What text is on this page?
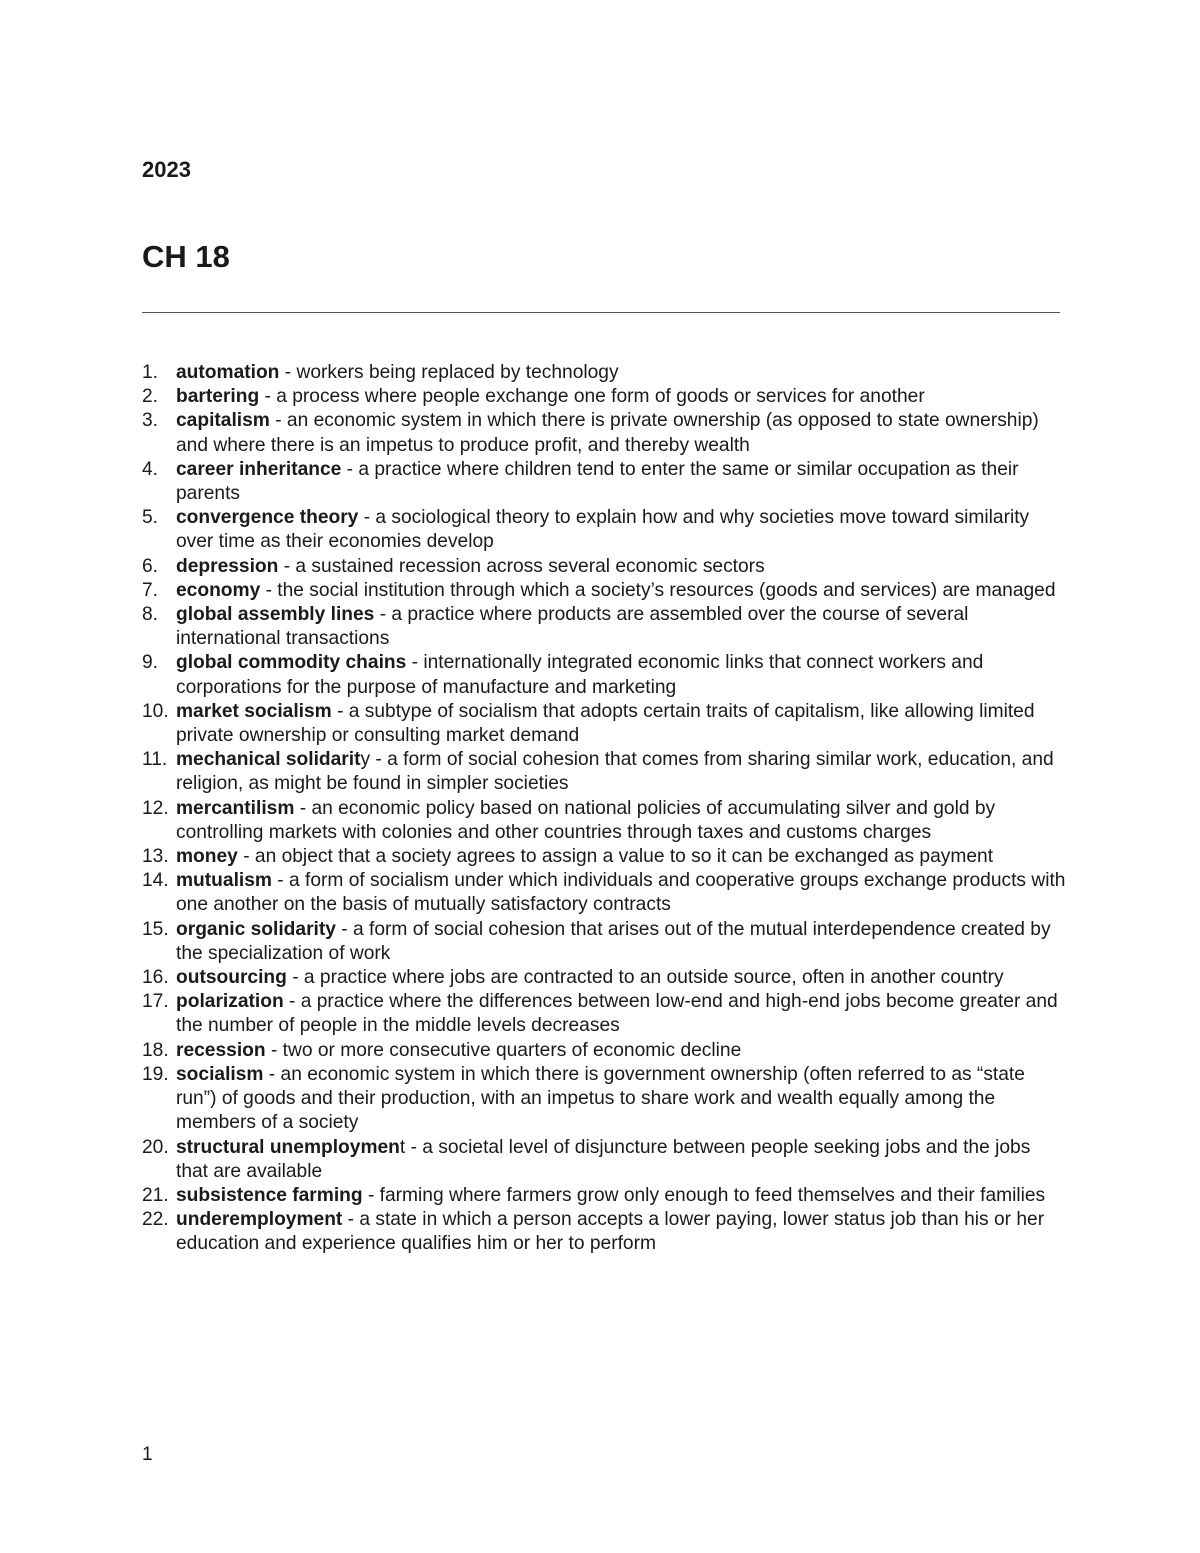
2023
CH 18
1. automation - workers being replaced by technology
2. bartering - a process where people exchange one form of goods or services for another
3. capitalism - an economic system in which there is private ownership (as opposed to state ownership) and where there is an impetus to produce profit, and thereby wealth
4. career inheritance - a practice where children tend to enter the same or similar occupation as their parents
5. convergence theory - a sociological theory to explain how and why societies move toward similarity over time as their economies develop
6. depression - a sustained recession across several economic sectors
7. economy - the social institution through which a society’s resources (goods and services) are managed
8. global assembly lines - a practice where products are assembled over the course of several international transactions
9. global commodity chains - internationally integrated economic links that connect workers and corporations for the purpose of manufacture and marketing
10. market socialism - a subtype of socialism that adopts certain traits of capitalism, like allowing limited private ownership or consulting market demand
11. mechanical solidarity - a form of social cohesion that comes from sharing similar work, education, and religion, as might be found in simpler societies
12. mercantilism - an economic policy based on national policies of accumulating silver and gold by controlling markets with colonies and other countries through taxes and customs charges
13. money - an object that a society agrees to assign a value to so it can be exchanged as payment
14. mutualism - a form of socialism under which individuals and cooperative groups exchange products with one another on the basis of mutually satisfactory contracts
15. organic solidarity - a form of social cohesion that arises out of the mutual interdependence created by the specialization of work
16. outsourcing - a practice where jobs are contracted to an outside source, often in another country
17. polarization - a practice where the differences between low-end and high-end jobs become greater and the number of people in the middle levels decreases
18. recession - two or more consecutive quarters of economic decline
19. socialism - an economic system in which there is government ownership (often referred to as “state run”) of goods and their production, with an impetus to share work and wealth equally among the members of a society
20. structural unemployment - a societal level of disjuncture between people seeking jobs and the jobs that are available
21. subsistence farming - farming where farmers grow only enough to feed themselves and their families
22. underemployment - a state in which a person accepts a lower paying, lower status job than his or her education and experience qualifies him or her to perform
1
